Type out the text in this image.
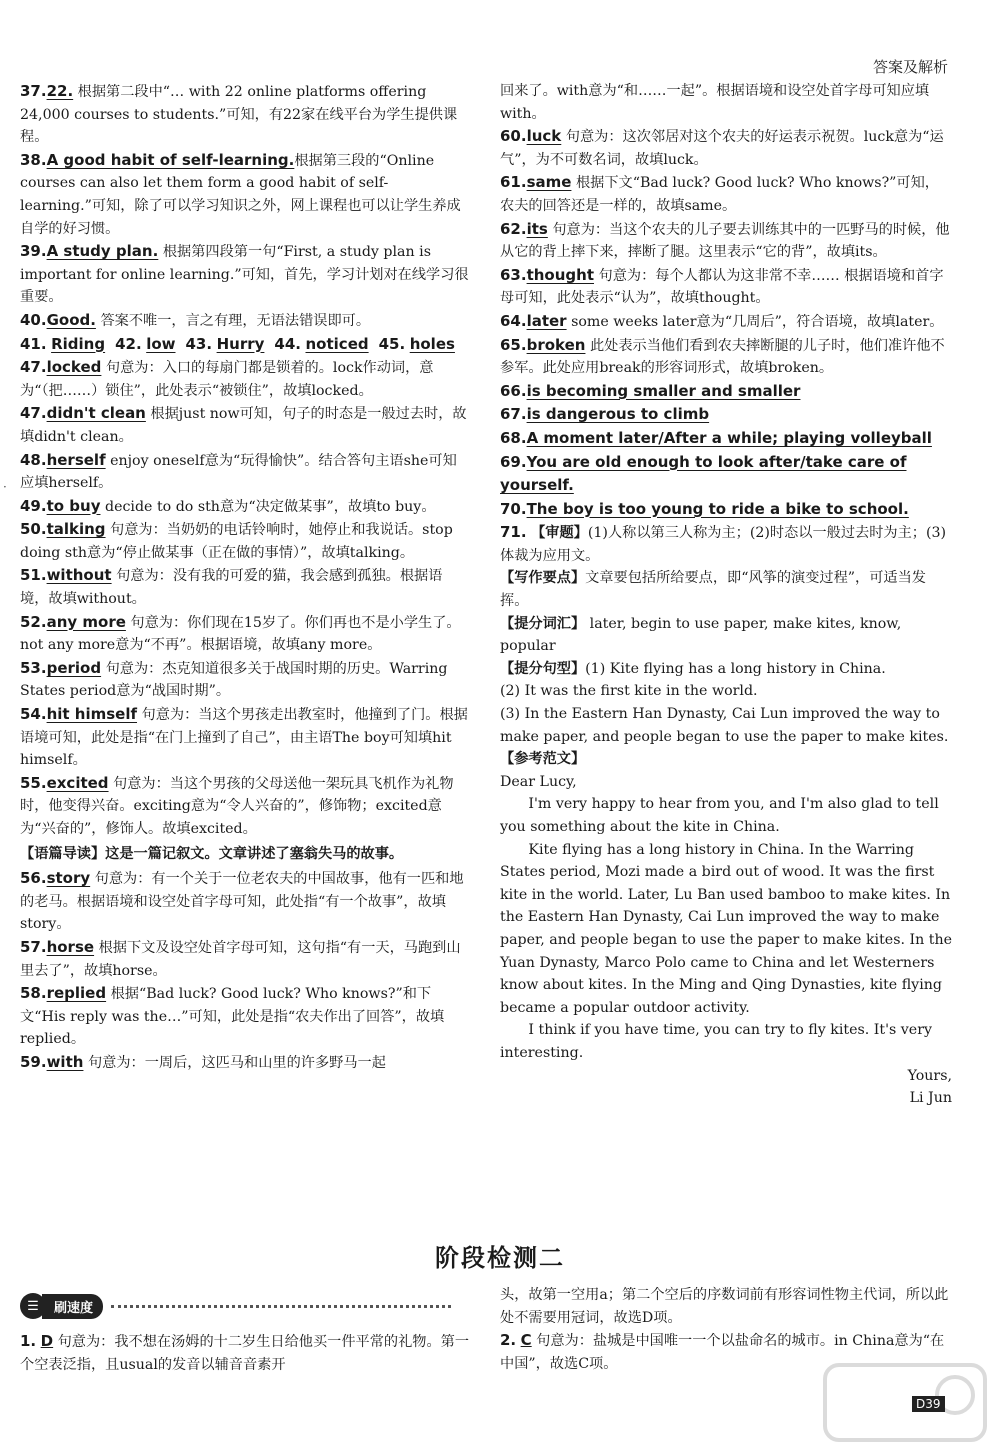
答案及解析
37.22. 根据第二段中“… with 22 online platforms offering 24,000 courses to students.”可知，有22家在线平台为学生提供课程。
38.A good habit of self-learning.根据第三段的“Online courses can also let them form a good habit of self-learning.”可知，除了可以学习知识之外，网上课程也可以让学生养成自学的好习惯。
39.A study plan. 根据第四段第一句“First, a study plan is important for online learning.”可知，首先，学习计划对在线学习很重要。
40.Good. 答案不唯一，言之有理，无语法错误即可。
41. Riding 42. low 43. Hurry 44. noticed 45. holes
47.locked 句意为：入口的每扇门都是锁着的。lock作动词，意为“（把……）锁住”，此处表示“被锁住”，故填locked。
47.didn't clean 根据just now可知，句子的时态是一般过去时，故填didn't clean。
48.herself enjoy oneself意为“玩得愉快”。结合答句主语she可知应填herself。
49.to buy decide to do sth意为“决定做某事”，故填to buy。
50.talking 句意为：当奶奶的电话铃响时，她停止和我说话。stop doing sth意为“停止做某事（正在做的事情）”，故填talking。
51.without 句意为：没有我的可爱的猫，我会感到孤独。根据语境，故填without。
52.any more 句意为：你们现在15岁了。你们再也不是小学生了。not any more意为“不再”。根据语境，故填any more。
53.period 句意为：杰克知道很多关于战国时期的历史。Warring States period意为“战国时期”。
54.hit himself 句意为：当这个男孩走出教室时，他撞到了门。根据语境可知，此处是指“在门上撞到了自己”，由主语The boy可知填hit himself。
55.excited 句意为：当这个男孩的父母送他一架玩具飞机作为礼物时，他变得兴奋。exciting意为“令人兴奋的”，修饰物；excited意为“兴奋的”，修饰人。故填excited。
【语篇导读】这是一篇记叙文。文章讲述了塞翁失马的故事。
56.story 句意为：有一个关于一位老农夫的中国故事，他有一匹和地的老马。根据语境和设空处首字母可知，此处指“有一个故事”，故填story。
57.horse 根据下文及设空处首字母可知，这句指“有一天，马跑到山里去了”，故填horse。
58.replied 根据“Bad luck? Good luck? Who knows?”和下文“His reply was the…”可知，此处是指“农夫作出了回答”，故填replied。
59.with 句意为：一周后，这匹马和山里的许多野马一起
回来了。with意为“和……一起”。根据语境和设空处首字母可知应填with。
60.luck 句意为：这次邻居对这个农夫的好运表示祝贺。luck意为“运气”，为不可数名词，故填luck。
61.same 根据下文“Bad luck? Good luck? Who knows?”可知，农夫的回答还是一样的，故填same。
62.its 句意为：当这个农夫的儿子要去训练其中的一匹野马的时候，他从它的背上摔下来，摔断了腿。这里表示“它的背”，故填its。
63.thought 句意为：每个人都认为这非常不幸…… 根据语境和首字母可知，此处表示“认为”，故填thought。
64.later some weeks later意为“几周后”，符合语境，故填later。
65.broken 此处表示当他们看到农夫摔断腿的儿子时，他们准许他不参军。此处应用break的形容词形式，故填broken。
66.is becoming smaller and smaller
67.is dangerous to climb
68.A moment later/After a while; playing volleyball
69.You are old enough to look after/take care of yourself.
70.The boy is too young to ride a bike to school.
71. 【审题】(1)人称以第三人称为主；(2)时态以一般过去时为主；(3)体裁为应用文。
【写作要点】文章要包括所给要点，即“风筝的演变过程”，可适当发挥。
【提分词汇】 later, begin to use paper, make kites, know, popular
【提分句型】(1) Kite flying has a long history in China.
(2) It was the first kite in the world.
(3) In the Eastern Han Dynasty, Cai Lun improved the way to make paper, and people began to use the paper to make kites.
【参考范文】

Dear Lucy,

I'm very happy to hear from you, and I'm also glad to tell you something about the kite in China.

Kite flying has a long history in China. In the Warring States period, Mozi made a bird out of wood. It was the first kite in the world. Later, Lu Ban used bamboo to make kites. In the Eastern Han Dynasty, Cai Lun improved the way to make paper, and people began to use the paper to make kites. In the Yuan Dynasty, Marco Polo came to China and let Westerners know about kites. In the Ming and Qing Dynasties, kite flying became a popular outdoor activity.

I think if you have time, you can try to fly kites. It's very interesting.

Yours,

Li Jun

阶段检测二
☰	刷速度
1. D 句意为：我不想在汤姆的十二岁生日给他买一件平常的礼物。第一个空表泛指，且usual的发音以辅音音素开
头，故第一空用a；第二个空后的序数词前有形容词性物主代词，所以此处不需要用冠词，故选D项。
2. C 句意为：盐城是中国唯一一个以盐命名的城市。in China意为“在中国”，故选C项。
·
D39
